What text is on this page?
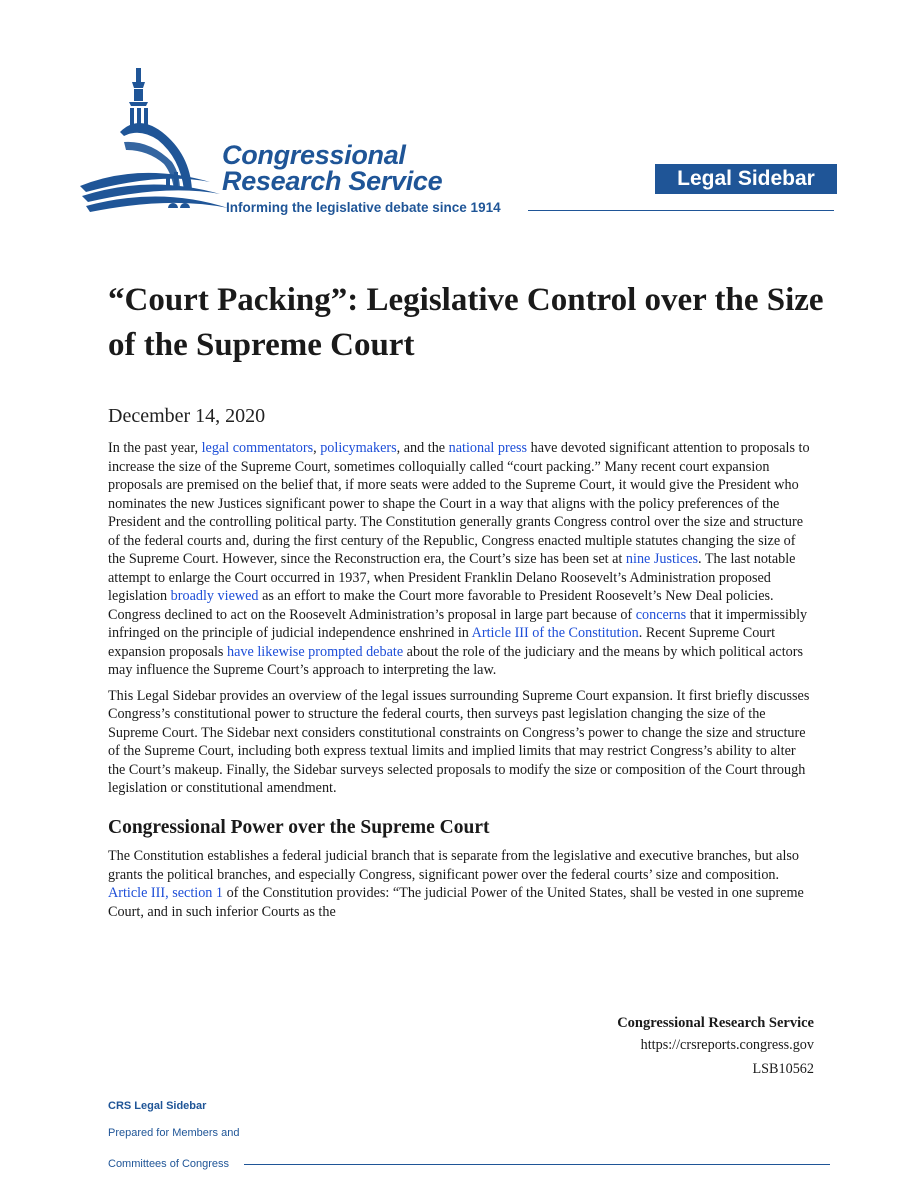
Congressional
Research Service
Informing the legislative debate since 1914
Legal Sidebar
“Court Packing”: Legislative Control over the Size of the Supreme Court
December 14, 2020

In the past year, legal commentators, policymakers, and the national press have devoted significant attention to proposals to increase the size of the Supreme Court, sometimes colloquially called “court packing.” Many recent court expansion proposals are premised on the belief that, if more seats were added to the Supreme Court, it would give the President who nominates the new Justices significant power to shape the Court in a way that aligns with the policy preferences of the President and the controlling political party. The Constitution generally grants Congress control over the size and structure of the federal courts and, during the first century of the Republic, Congress enacted multiple statutes changing the size of the Supreme Court. However, since the Reconstruction era, the Court’s size has been set at nine Justices. The last notable attempt to enlarge the Court occurred in 1937, when President Franklin Delano Roosevelt’s Administration proposed legislation broadly viewed as an effort to make the Court more favorable to President Roosevelt’s New Deal policies. Congress declined to act on the Roosevelt Administration’s proposal in large part because of concerns that it impermissibly infringed on the principle of judicial independence enshrined in Article III of the Constitution. Recent Supreme Court expansion proposals have likewise prompted debate about the role of the judiciary and the means by which political actors may influence the Supreme Court’s approach to interpreting the law.

This Legal Sidebar provides an overview of the legal issues surrounding Supreme Court expansion. It first briefly discusses Congress’s constitutional power to structure the federal courts, then surveys past legislation changing the size of the Supreme Court. The Sidebar next considers constitutional constraints on Congress’s power to change the size and structure of the Supreme Court, including both express textual limits and implied limits that may restrict Congress’s ability to alter the Court’s makeup. Finally, the Sidebar surveys selected proposals to modify the size or composition of the Court through legislation or constitutional amendment.

Congressional Power over the Supreme Court

The Constitution establishes a federal judicial branch that is separate from the legislative and executive branches, but also grants the political branches, and especially Congress, significant power over the federal courts’ size and composition. Article III, section 1 of the Constitution provides: “The judicial Power of the United States, shall be vested in one supreme Court, and in such inferior Courts as the

Congressional Research Service
https://crsreports.congress.gov
LSB10562
CRS Legal Sidebar
Prepared for Members and
Committees of Congress
